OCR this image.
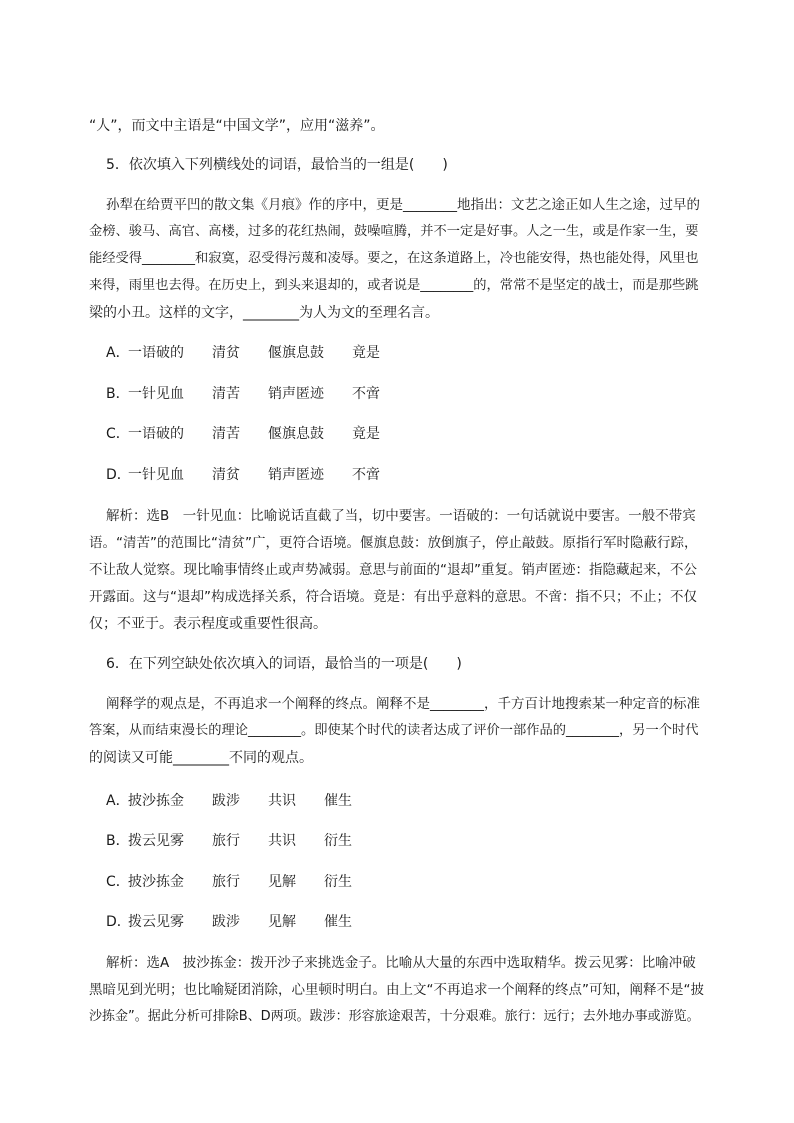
“人”，而文中主语是“中国文学”，应用“滋养”。
5．依次填入下列横线处的词语，最恰当的一组是(　　)
孙犁在给贾平凹的散文集《月痕》作的序中，更是________地指出：文艺之途正如人生之途，过早的
金榜、骏马、高官、高楼，过多的花红热闹，鼓噪喧腾，并不一定是好事。人之一生，或是作家一生，要
能经受得________和寂寞，忍受得污蔑和凌辱。要之，在这条道路上，冷也能安得，热也能处得，风里也
来得，雨里也去得。在历史上，到头来退却的，或者说是________的，常常不是坚定的战士，而是那些跳
梁的小丑。这样的文字，________为人为文的至理名言。
A．
一语破的 清贫 偃旗息鼓 竟是
B．
一针见血 清苦 销声匿迹 不啻
C．
一语破的 清苦 偃旗息鼓 竟是
D．
一针见血 清贫 销声匿迹 不啻
解析：选B　一针见血：比喻说话直截了当，切中要害。一语破的：一句话就说中要害。一般不带宾
语。“清苦”的范围比“清贫”广，更符合语境。偃旗息鼓：放倒旗子，停止敲鼓。原指行军时隐蔽行踪，
不让敌人觉察。现比喻事情终止或声势减弱。意思与前面的“退却”重复。销声匿迹：指隐藏起来，不公
开露面。这与“退却”构成选择关系，符合语境。竟是：有出乎意料的意思。不啻：指不只；不止；不仅
仅；不亚于。表示程度或重要性很高。
6．在下列空缺处依次填入的词语，最恰当的一项是(　　)
阐释学的观点是，不再追求一个阐释的终点。阐释不是________，千方百计地搜索某一种定音的标准
答案，从而结束漫长的理论________。即使某个时代的读者达成了评价一部作品的________，另一个时代
的阅读又可能________不同的观点。
A．
披沙拣金 跋涉 共识 催生
B．
拨云见雾 旅行 共识 衍生
C．
披沙拣金 旅行 见解 衍生
D．
拨云见雾 跋涉 见解 催生
解析：选A　披沙拣金：拨开沙子来挑选金子。比喻从大量的东西中选取精华。拨云见雾：比喻冲破
黑暗见到光明；也比喻疑团消除，心里顿时明白。由上文“不再追求一个阐释的终点”可知，阐释不是“披
沙拣金”。据此分析可排除B、D两项。跋涉：形容旅途艰苦，十分艰难。旅行：远行；去外地办事或游览。
